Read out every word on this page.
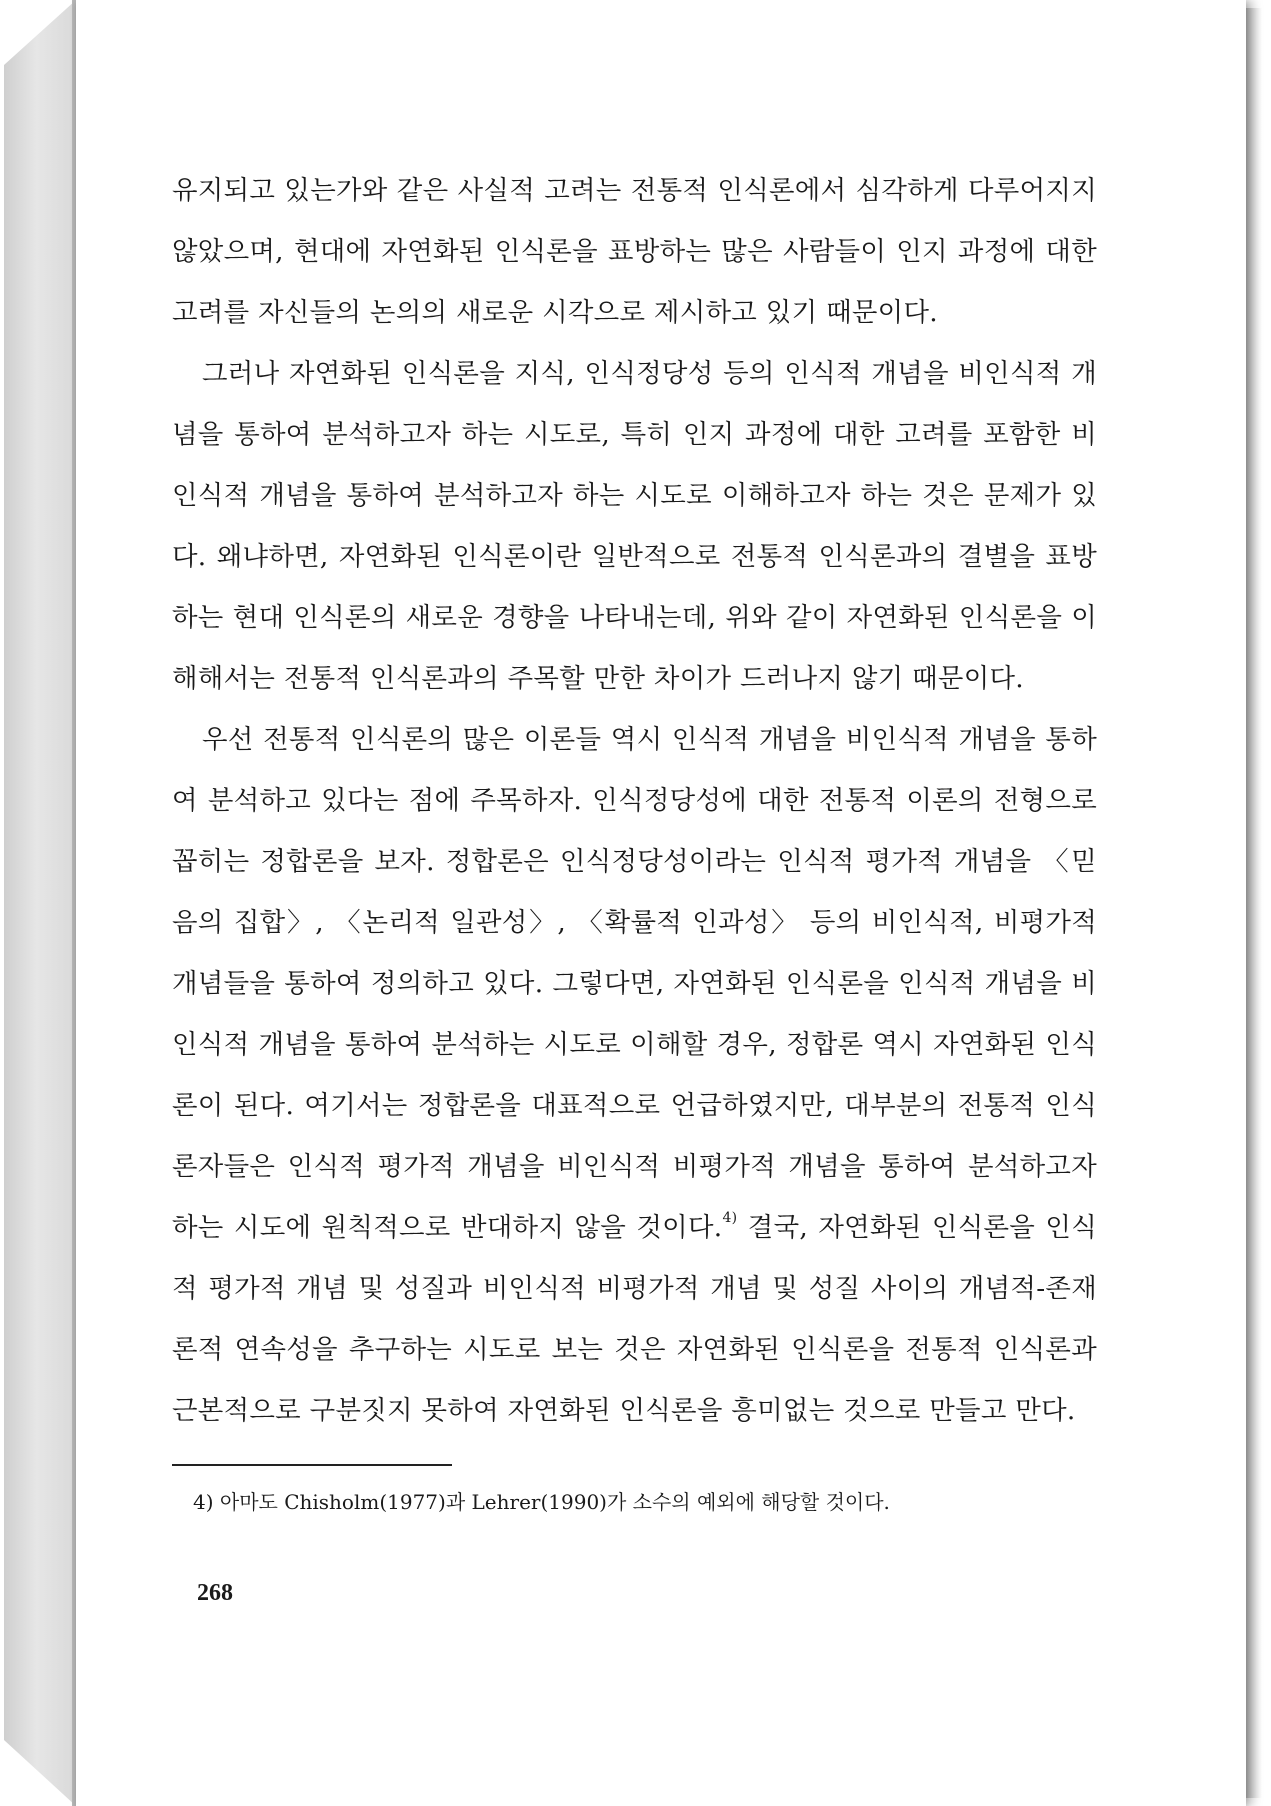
유지되고 있는가와 같은 사실적 고려는 전통적 인식론에서 심각하게 다루어지지 않았으며, 현대에 자연화된 인식론을 표방하는 많은 사람들이 인지 과정에 대한 고려를 자신들의 논의의 새로운 시각으로 제시하고 있기 때문이다.

그러나 자연화된 인식론을 지식, 인식정당성 등의 인식적 개념을 비인식적 개념을 통하여 분석하고자 하는 시도로, 특히 인지 과정에 대한 고려를 포함한 비인식적 개념을 통하여 분석하고자 하는 시도로 이해하고자 하는 것은 문제가 있다. 왜냐하면, 자연화된 인식론이란 일반적으로 전통적 인식론과의 결별을 표방하는 현대 인식론의 새로운 경향을 나타내는데, 위와 같이 자연화된 인식론을 이해해서는 전통적 인식론과의 주목할 만한 차이가 드러나지 않기 때문이다.

우선 전통적 인식론의 많은 이론들 역시 인식적 개념을 비인식적 개념을 통하여 분석하고 있다는 점에 주목하자. 인식정당성에 대한 전통적 이론의 전형으로 꼽히는 정합론을 보자. 정합론은 인식정당성이라는 인식적 평가적 개념을 〈믿음의 집합〉, 〈논리적 일관성〉, 〈확률적 인과성〉 등의 비인식적, 비평가적 개념들을 통하여 정의하고 있다. 그렇다면, 자연화된 인식론을 인식적 개념을 비인식적 개념을 통하여 분석하는 시도로 이해할 경우, 정합론 역시 자연화된 인식론이 된다. 여기서는 정합론을 대표적으로 언급하였지만, 대부분의 전통적 인식론자들은 인식적 평가적 개념을 비인식적 비평가적 개념을 통하여 분석하고자 하는 시도에 원칙적으로 반대하지 않을 것이다.$^{4)}$ 결국, 자연화된 인식론을 인식적 평가적 개념 및 성질과 비인식적 비평가적 개념 및 성질 사이의 개념적-존재론적 연속성을 추구하는 시도로 보는 것은 자연화된 인식론을 전통적 인식론과 근본적으로 구분짓지 못하여 자연화된 인식론을 흥미없는 것으로 만들고 만다.

4) 아마도 Chisholm(1977)과 Lehrer(1990)가 소수의 예외에 해당할 것이다.
268
